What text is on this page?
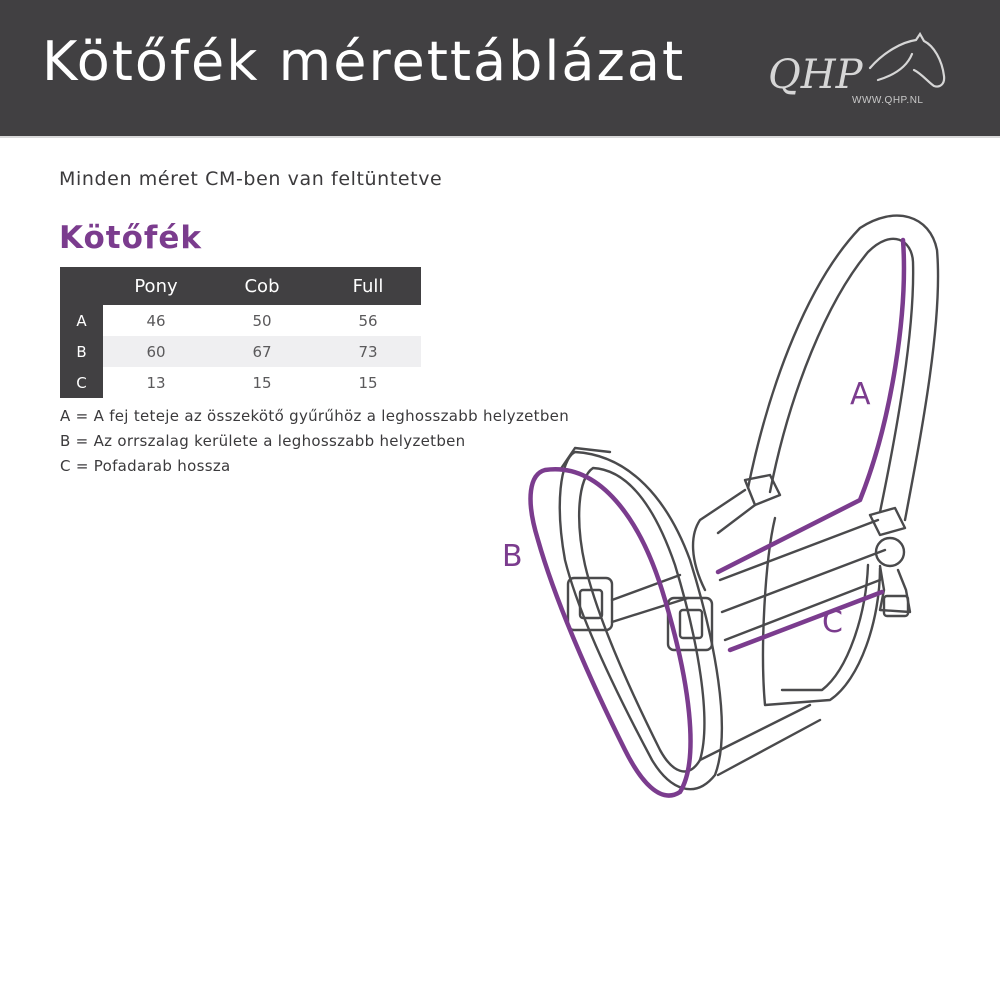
Kötőfék mérettáblázat QHP
WWW.QHP.NL
Minden méret CM-ben van feltüntetve
Kötőfék
	Pony	Cob	Full
A	46	50	56
B	60	67	73
C	13	15	15
A = A fej teteje az összekötő gyűrűhöz a leghosszabb helyzetben
B = Az orrszalag kerülete a leghosszabb helyzetben
C = Pofadarab hossza
A
B
C
